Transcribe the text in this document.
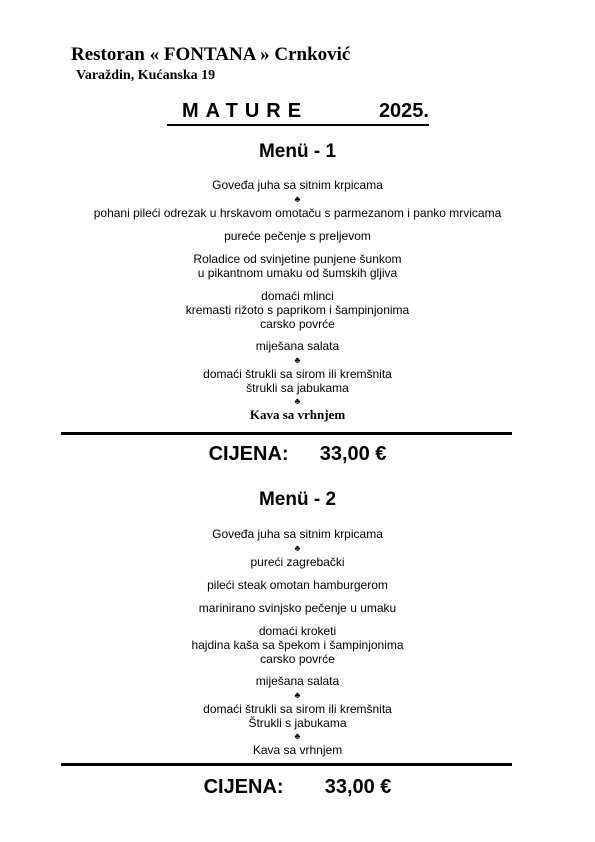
Restoran « FONTANA » Crnković
Varaždin, Kućanska 19
MATURE	2025.
Menü - 1
Goveđa juha sa sitnim krpicama
♣
pohani pileći odrezak u hrskavom omotaču s parmezanom i panko mrvicama
pureće pečenje s preljevom
Roladice od svinjetine punjene šunkom
u pikantnom umaku od šumskih gljiva
domaći mlinci
kremasti rižoto s paprikom i šampinjonima
carsko povrće
miješana salata
♣
domaći štrukli sa sirom ili kremšnita
štrukli sa jabukama
♣
Kava sa vrhnjem
CIJENA: 33,00 €
Menü - 2
Goveđa juha sa sitnim krpicama
♣
pureći zagrebački
pileći steak omotan hamburgerom
marinirano svinjsko pečenje u umaku
domaći kroketi
hajdina kaša sa špekom i šampinjonima
carsko povrće
miješana salata
♣
domaći štrukli sa sirom ili kremšnita
Štrukli s jabukama
♣
Kava sa vrhnjem
CIJENA: 33,00 €
